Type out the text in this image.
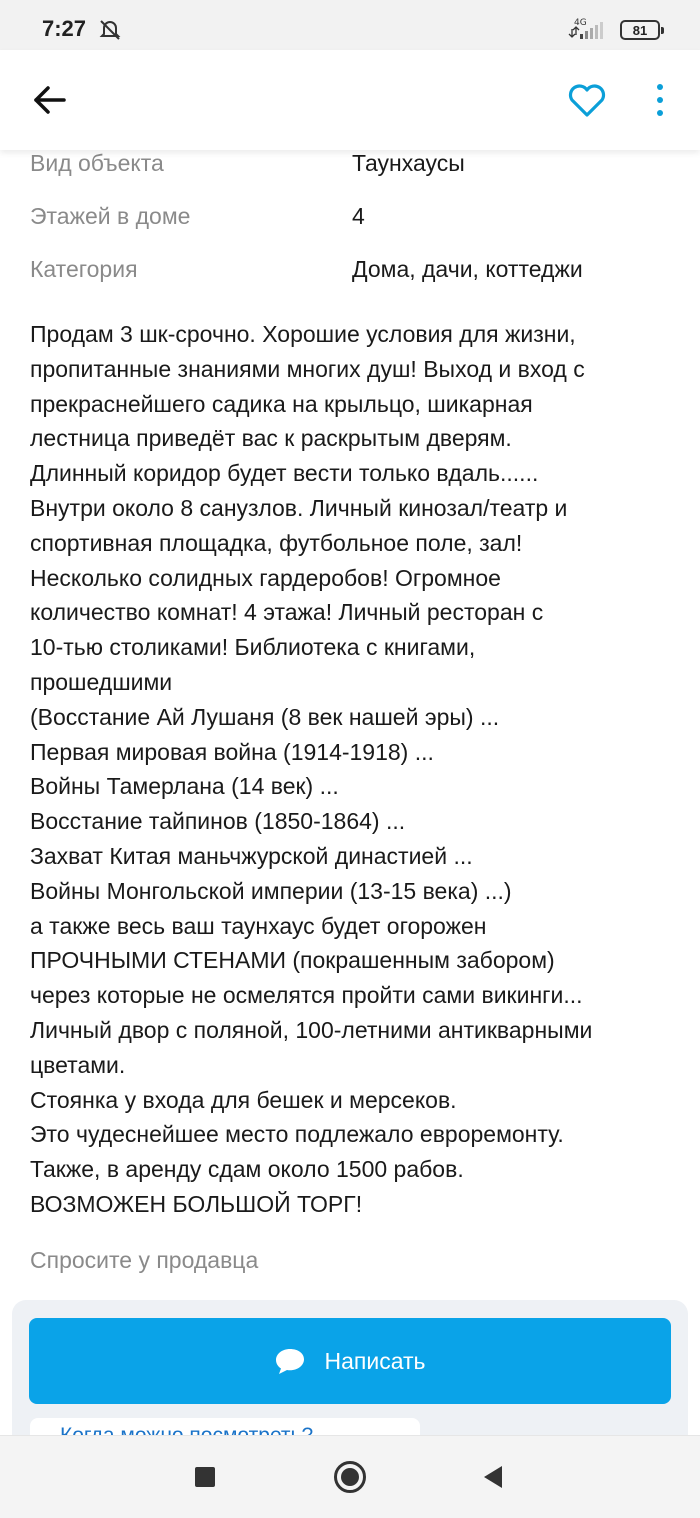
7:27	4G	81
Вид объекта	Таунхаусы
Этажей в доме	4
Категория	Дома, дачи, коттеджи
Продам 3 шк-срочно. Хорошие условия для жизни,
пропитанные знаниями многих душ! Выход и вход с
прекраснейшего садика на крыльцо, шикарная
лестница приведёт вас к раскрытым дверям.
Длинный коридор будет вести только вдаль......
Внутри около 8 санузлов. Личный кинозал/театр и
спортивная площадка, футбольное поле, зал!
Несколько солидных гардеробов! Огромное
количество комнат! 4 этажа! Личный ресторан с
10-тью столиками! Библиотека с книгами,
прошедшими
(Восстание Ай Лушаня (8 век нашей эры) ...
Первая мировая война (1914-1918) ...
Войны Тамерлана (14 век) ...
Восстание тайпинов (1850-1864) ...
Захват Китая маньчжурской династией ...
Войны Монгольской империи (13-15 века) ...)
а также весь ваш таунхаус будет огорожен
ПРОЧНЫМИ СТЕНАМИ (покрашенным забором)
через которые не осмелятся пройти сами викинги...
Личный двор с поляной, 100-летними антикварными
цветами.
Стоянка у входа для бешек и мерсеков.
Это чудеснейшее место подлежало евроремонту.
Также, в аренду сдам около 1500 рабов.
ВОЗМОЖЕН БОЛЬШОЙ ТОРГ!
Спросите у продавца
Написать
